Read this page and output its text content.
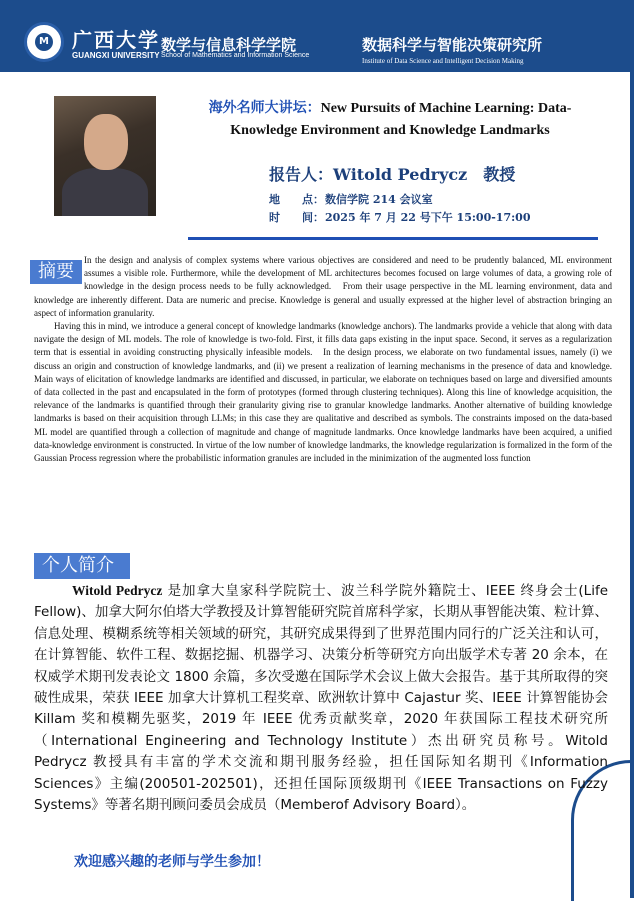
M 广西大学
GUANGXI UNIVERSITY
数学与信息科学学院
School of Mathematics and Information Science
数据科学与智能决策研究所
Institute of Data Science and Intelligent Decision Making
海外名师大讲坛：New Pursuits of Machine Learning: Data-
Knowledge Environment and Knowledge Landmarks
报告人：Witold Pedrycz　教授
地　　点：数信学院 214 会议室
时　　间：2025 年 7 月 22 号下午 15:00-17:00
摘要

In the design and analysis of complex systems where various objectives are considered and need to be prudently balanced, ML environment assumes a visible role. Furthermore, while the development of ML architectures becomes focused on large volumes of data, a growing role of knowledge in the design process needs to be fully acknowledged.　From their usage perspective in the ML learning environment, data and knowledge are inherently different. Data are numeric and precise. Knowledge is general and usually expressed at the higher level of abstraction bringing an aspect of information granularity.

Having this in mind, we introduce a general concept of knowledge landmarks (knowledge anchors). The landmarks provide a vehicle that along with data navigate the design of ML models. The role of knowledge is two-fold. First, it fills data gaps existing in the input space. Second, it serves as a regularization term that is essential in avoiding constructing physically infeasible models.　In the design process, we elaborate on two fundamental issues, namely (i) we discuss an origin and construction of knowledge landmarks, and (ii) we present a realization of learning mechanisms in the presence of data and knowledge. Main ways of elicitation of knowledge landmarks are identified and discussed, in particular, we elaborate on techniques based on large and diversified amounts of data collected in the past and encapsulated in the form of prototypes (formed through clustering techniques). Along this line of knowledge acquisition, the relevance of the landmarks is quantified through their granularity giving rise to granular knowledge landmarks. Another alternative of building knowledge landmarks is based on their acquisition through LLMs; in this case they are qualitative and described as symbols. The constraints imposed on the data-based ML model are quantified through a collection of magnitude and change of magnitude landmarks. Once knowledge landmarks have been acquired, a unified data-knowledge environment is constructed. In virtue of the low number of knowledge landmarks, the knowledge regularization is formalized in the form of the Gaussian Process regression where the probabilistic information granules are included in the minimization of the augmented loss function

个人简介
Witold Pedrycz 是加拿大皇家科学院院士、波兰科学院外籍院士、IEEE 终身会士(Life Fellow)、加拿大阿尔伯塔大学教授及计算智能研究院首席科学家，长期从事智能决策、粒计算、信息处理、模糊系统等相关领域的研究，其研究成果得到了世界范围内同行的广泛关注和认可，在计算智能、软件工程、数据挖掘、机器学习、决策分析等研究方向出版学术专著 20 余本，在权威学术期刊发表论文 1800 余篇，多次受邀在国际学术会议上做大会报告。基于其所取得的突破性成果，荣获 IEEE 加拿大计算机工程奖章、欧洲软计算中 Cajastur 奖、IEEE 计算智能协会 Killam 奖和模糊先驱奖，2019 年 IEEE 优秀贡献奖章，2020 年获国际工程技术研究所（International Engineering and Technology Institute）杰出研究员称号。Witold Pedrycz 教授具有丰富的学术交流和期刊服务经验，担任国际知名期刊《Information Sciences》主编(200501-202501)，还担任国际顶级期刊《IEEE Transactions on Fuzzy Systems》等著名期刊顾问委员会成员（Memberof Advisory Board）。
欢迎感兴趣的老师与学生参加！
